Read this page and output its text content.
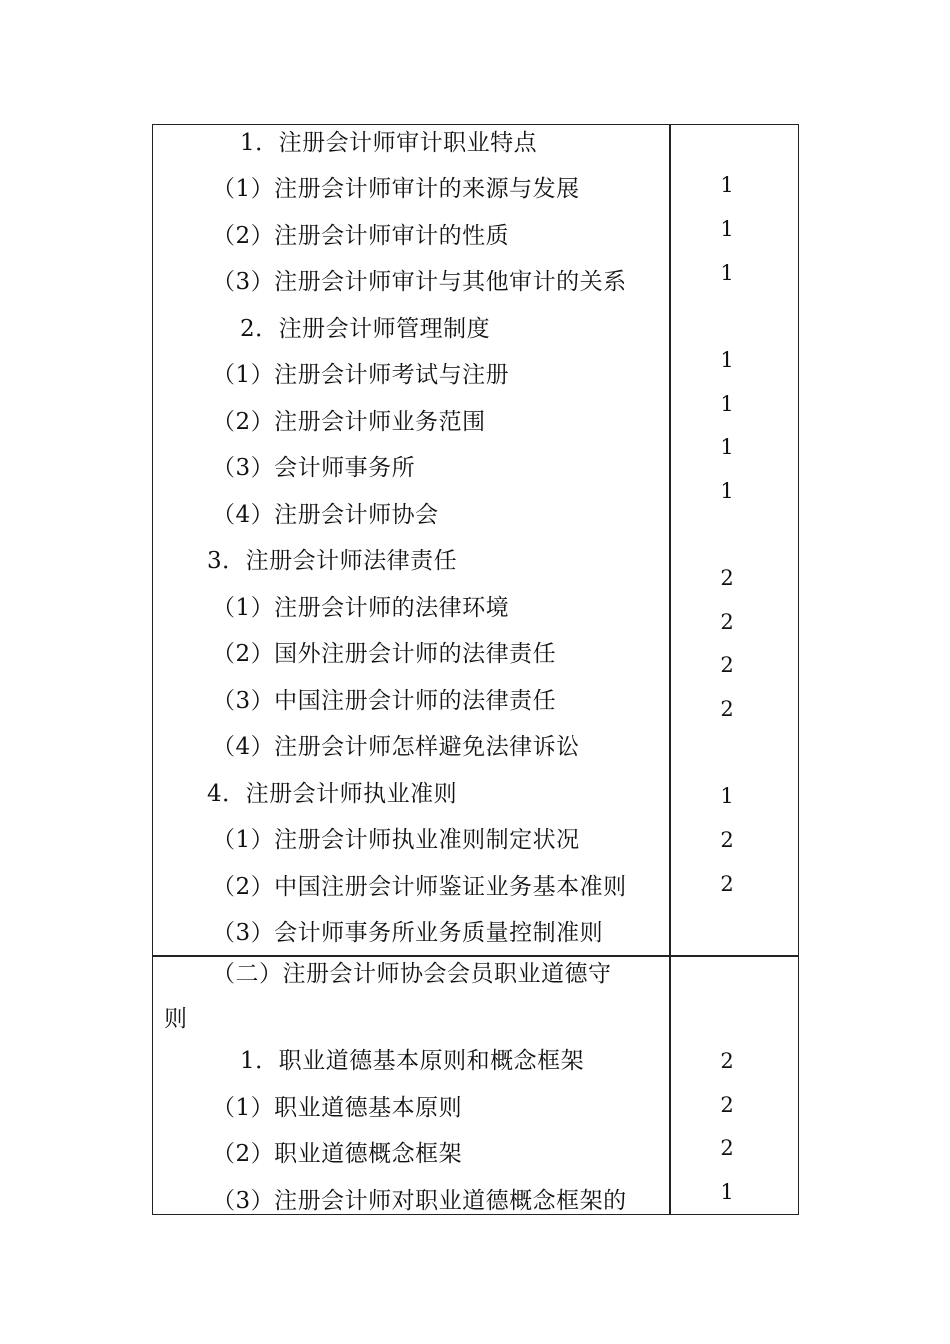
1．注册会计师审计职业特点
（1）注册会计师审计的来源与发展
（2）注册会计师审计的性质
（3）注册会计师审计与其他审计的关系
2．注册会计师管理制度
（1）注册会计师考试与注册
（2）注册会计师业务范围
（3）会计师事务所
（4）注册会计师协会
3．注册会计师法律责任
（1）注册会计师的法律环境
（2）国外注册会计师的法律责任
（3）中国注册会计师的法律责任
（4）注册会计师怎样避免法律诉讼
4．注册会计师执业准则
（1）注册会计师执业准则制定状况
（2）中国注册会计师鉴证业务基本准则
（3）会计师事务所业务质量控制准则
1
1
1
1
1
1
1
2
2
2
2
1
2
2
（二）注册会计师协会会员职业道德守
则
1．职业道德基本原则和概念框架
（1）职业道德基本原则
（2）职业道德概念框架
（3）注册会计师对职业道德概念框架的
2
2
2
1
